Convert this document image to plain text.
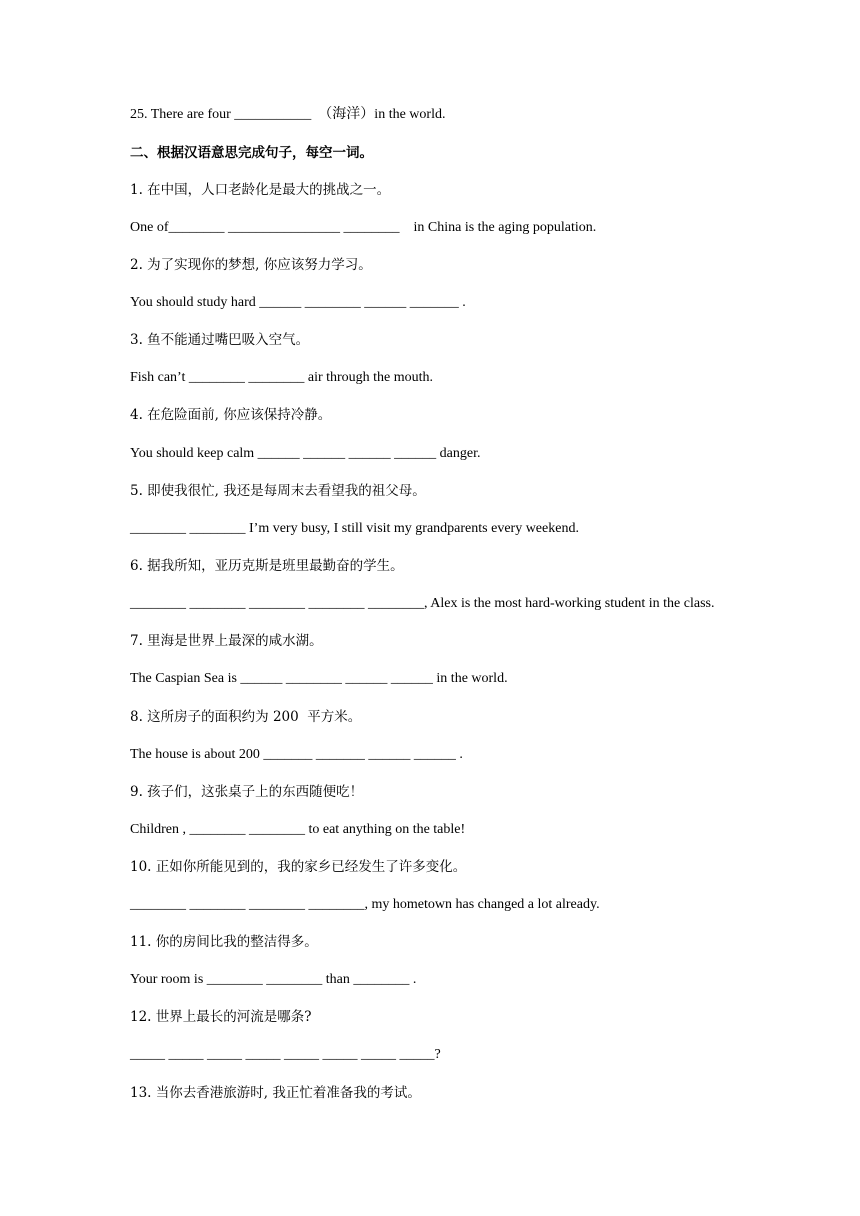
25. There are four ___________  （海洋）in the world.
二、根据汉语意思完成句子，每空一词。
1. 在中国，人口老龄化是最大的挑战之一。
One of________ ________________ ________    in China is the aging population.
2. 为了实现你的梦想, 你应该努力学习。
You should study hard ______ ________ ______ _______ .
3. 鱼不能通过嘴巴吸入空气。
Fish can’t ________ ________ air through the mouth.
4. 在危险面前, 你应该保持冷静。
You should keep calm ______ ______ ______ ______ danger.
5. 即使我很忙, 我还是每周末去看望我的祖父母。
________ ________ I’m very busy, I still visit my grandparents every weekend.
6. 据我所知，亚历克斯是班里最勤奋的学生。
________ ________ ________ ________ ________, Alex is the most hard-working student in the class.
7. 里海是世界上最深的咸水湖。
The Caspian Sea is ______ ________ ______ ______ in the world.
8. 这所房子的面积约为 200  平方米。
The house is about 200 _______ _______ ______ ______ .
9. 孩子们，这张桌子上的东西随便吃！
Children , ________ ________ to eat anything on the table!
10. 正如你所能见到的，我的家乡已经发生了许多变化。
________ ________ ________ ________, my hometown has changed a lot already.
11. 你的房间比我的整洁得多。
Your room is ________ ________ than ________ .
12. 世界上最长的河流是哪条?
_____ _____ _____ _____ _____ _____ _____ _____?
13. 当你去香港旅游时, 我正忙着准备我的考试。
